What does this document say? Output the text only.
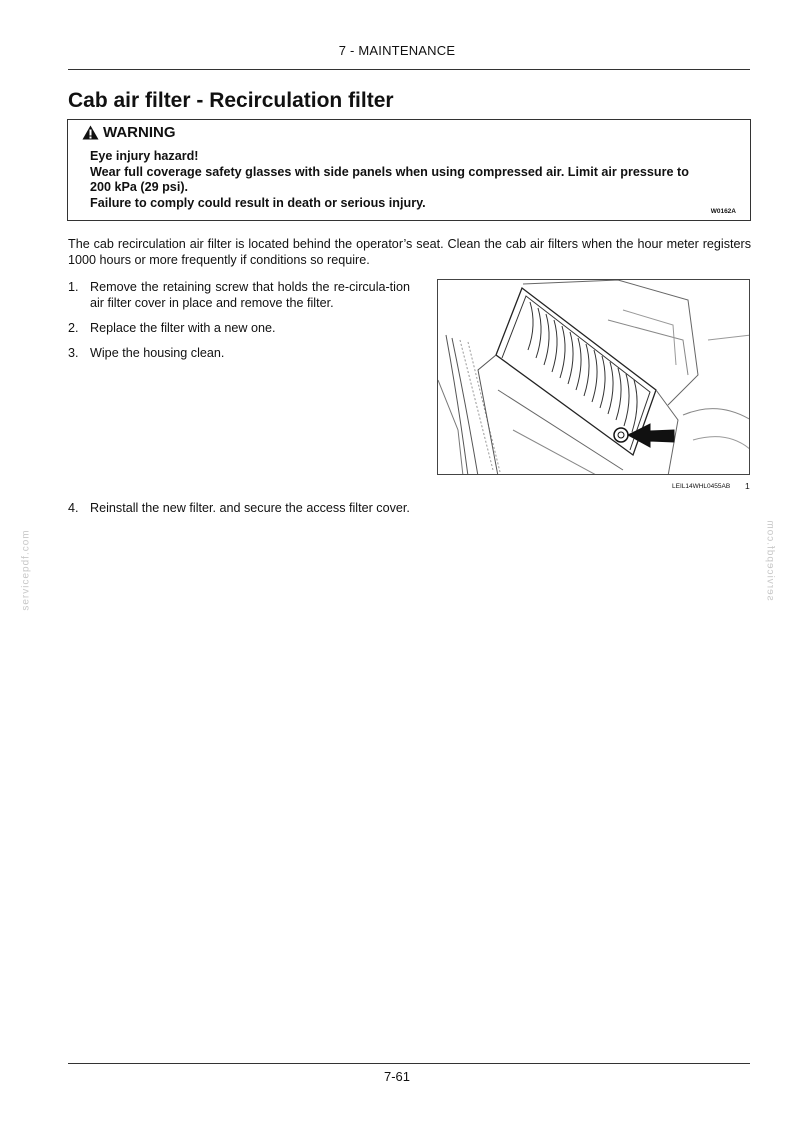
7 - MAINTENANCE
Cab air filter - Recirculation filter
WARNING
Eye injury hazard!
Wear full coverage safety glasses with side panels when using compressed air. Limit air pressure to
200 kPa (29 psi).
Failure to comply could result in death or serious injury.
W0162A

The cab recirculation air filter is located behind the operator’s seat. Clean the cab air filters when the hour meter registers 1000 hours or more frequently if conditions so require.

1. Remove the retaining screw that holds the re-circula-tion air filter cover in place and remove the filter.
2. Replace the filter with a new one.
3. Wipe the housing clean.
4. Reinstall the new filter. and secure the access filter cover.
LEIL14WHL0455AB 1
servicepdf.com	servicepdf.com
7-61
